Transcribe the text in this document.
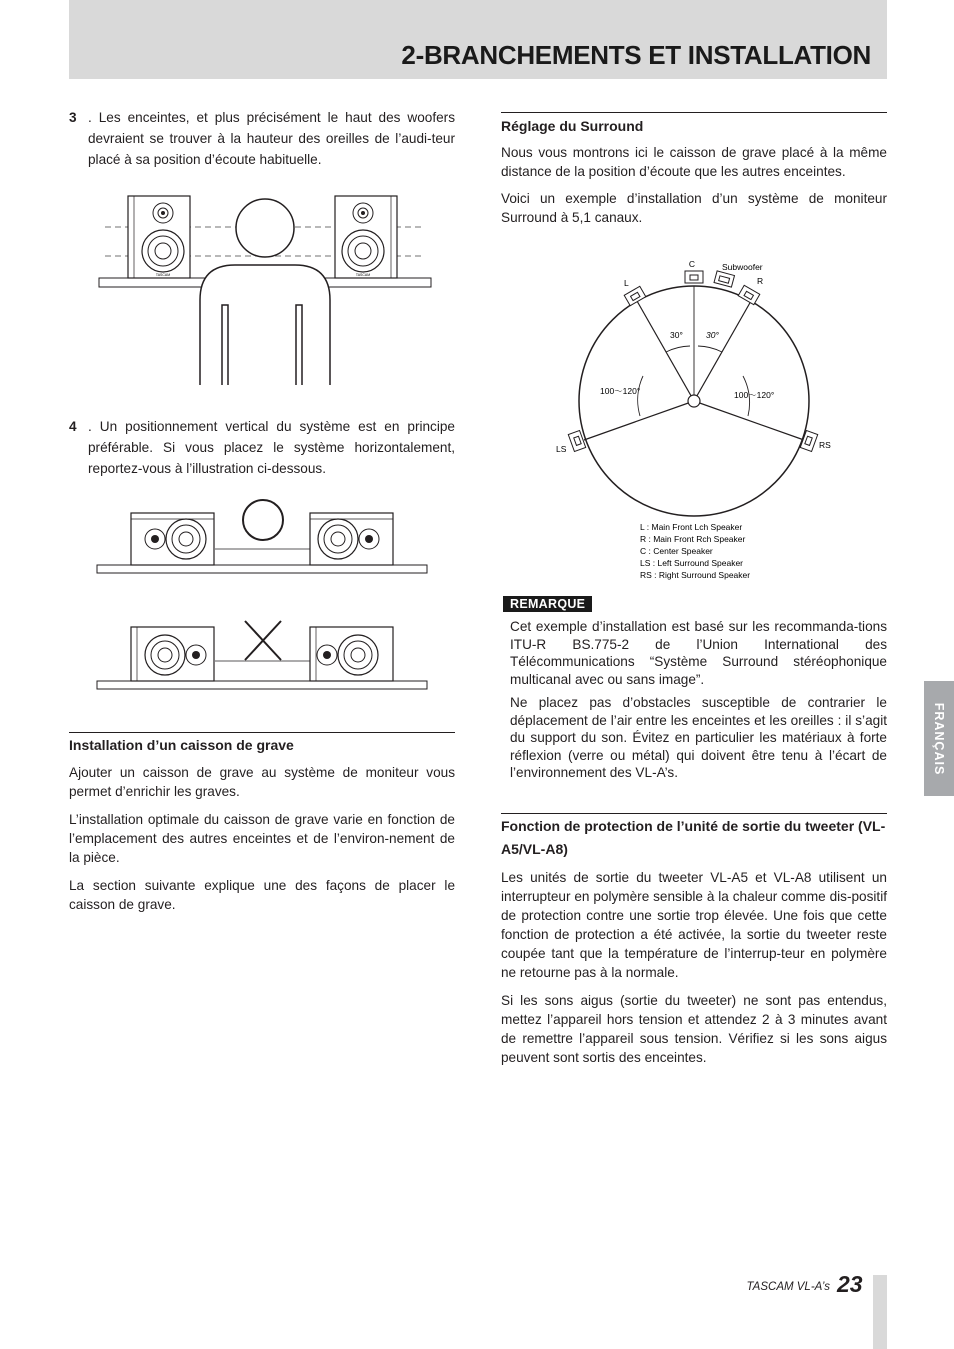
2-BRANCHEMENTS ET INSTALLATION
3 . Les enceintes, et plus précisément le haut des woofers devraient se trouver à la hauteur des oreilles de l’audi-teur placé à sa position d’écoute habituelle.
TASCAM	TASCAM
4 . Un positionnement vertical du système est en principe préférable. Si vous placez le système horizontalement, reportez-vous à l’illustration ci-dessous.
Installation d’un caisson de grave

Ajouter un caisson de grave au système de moniteur vous permet d’enrichir les graves.

L’installation optimale du caisson de grave varie en fonction de l’emplacement des autres enceintes et de l’environ-nement de la pièce.

La section suivante explique une des façons de placer le caisson de grave.

Réglage du Surround

Nous vous montrons ici le caisson de grave placé à la même distance de la position d’écoute que les autres enceintes.

Voici un exemple d’installation d’un système de moniteur Surround à 5,1 canaux.

C	Subwoofer
L	R
LS	RS
30°	30°
100～120°	100～120°
L : Main Front Lch Speaker
R : Main Front Rch Speaker
C : Center Speaker
LS : Left Surround Speaker
RS : Right Surround Speaker
REMARQUE

Cet exemple d’installation est basé sur les recommanda-tions ITU-R BS.775-2 de l’Union International des Télécommunications “Système Surround stéréophonique multicanal avec ou sans image”.

Ne placez pas d’obstacles susceptible de contrarier le déplacement de l’air entre les enceintes et les oreilles : il s’agit du support du son. Évitez en particulier les matériaux à forte réflexion (verre ou métal) qui doivent être tenu à l’écart de l’environnement des VL-A’s.

Fonction de protection de l’unité de sortie du tweeter (VL-A5/VL-A8)

Les unités de sortie du tweeter VL-A5 et VL-A8 utilisent un interrupteur en polymère sensible à la chaleur comme dis-positif de protection contre une sortie trop élevée. Une fois que cette fonction de protection a été activée, la sortie du tweeter reste coupée tant que la température de l’interrup-teur en polymère ne retourne pas à la normale.

Si les sons aigus (sortie du tweeter) ne sont pas entendus, mettez l’appareil hors tension et attendez 2 à 3 minutes avant de remettre l’appareil sous tension. Vérifiez si les sons aigus peuvent sont sortis des enceintes.

FRANÇAIS
TASCAM VL-A’s 23
